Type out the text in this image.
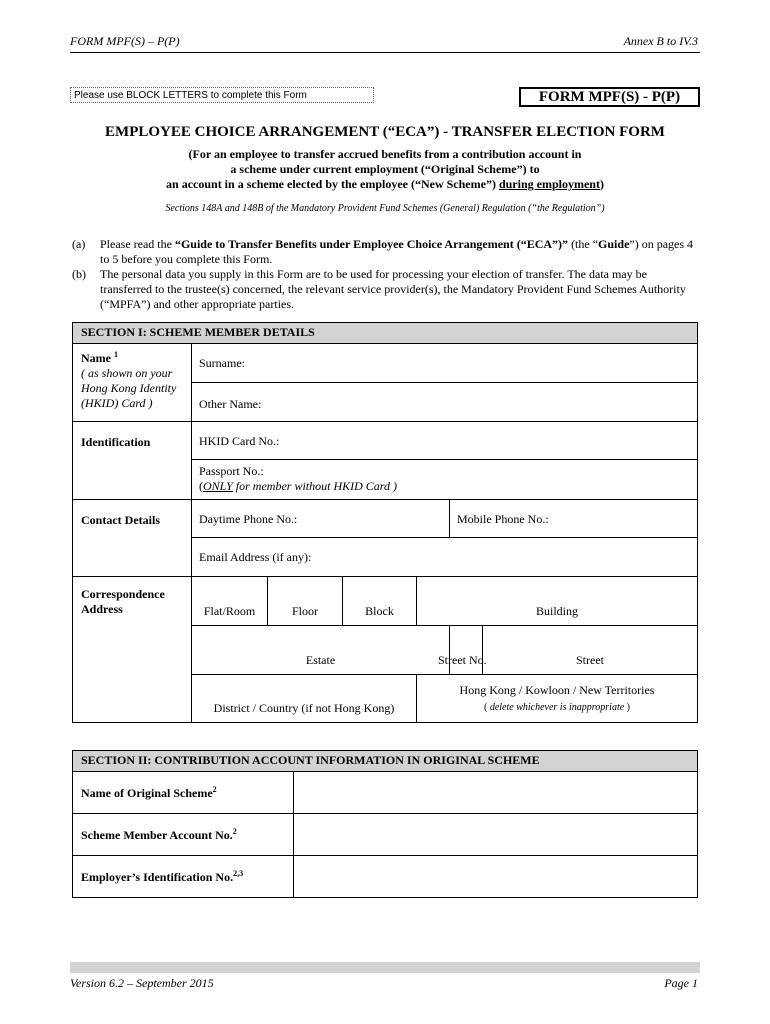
FORM MPF(S) – P(P)	Annex B to IV.3
Please use BLOCK LETTERS to complete this Form	FORM MPF(S) - P(P)
EMPLOYEE CHOICE ARRANGEMENT (“ECA”) - TRANSFER ELECTION FORM
(For an employee to transfer accrued benefits from a contribution account in
a scheme under current employment (“Original Scheme”) to
an account in a scheme elected by the employee (“New Scheme”) during employment)
Sections 148A and 148B of the Mandatory Provident Fund Schemes (General) Regulation (“the Regulation”)
(a)	Please read the “Guide to Transfer Benefits under Employee Choice Arrangement (“ECA”)” (the “Guide”) on pages 4 to 5 before you complete this Form.
(b)	The personal data you supply in this Form are to be used for processing your election of transfer. The data may be transferred to the trustee(s) concerned, the relevant service provider(s), the Mandatory Provident Fund Schemes Authority (“MPFA”) and other appropriate parties.
SECTION I: SCHEME MEMBER DETAILS						
Name $^1$
( as shown on your Hong Kong Identity (HKID) Card )	Surname:					
	Other Name:					
Identification	HKID Card No.:					
	Passport No.:
(ONLY for member without HKID Card )					
Contact Details	Daytime Phone No.:				Mobile Phone No.:	
	Email Address (if any):					
Correspondence Address	Flat/Room	Floor	Block	Building		
	Estate				Street No.	Street
	District / Country (if not Hong Kong)			Hong Kong / Kowloon / New Territories
( delete whichever is inappropriate )		
SECTION II: CONTRIBUTION ACCOUNT INFORMATION IN ORIGINAL SCHEME	
Name of Original Scheme$^2$	
Scheme Member Account No.$^2$	
Employer’s Identification No.$^{2,3}$	
Version 6.2 – September 2015	Page 1
